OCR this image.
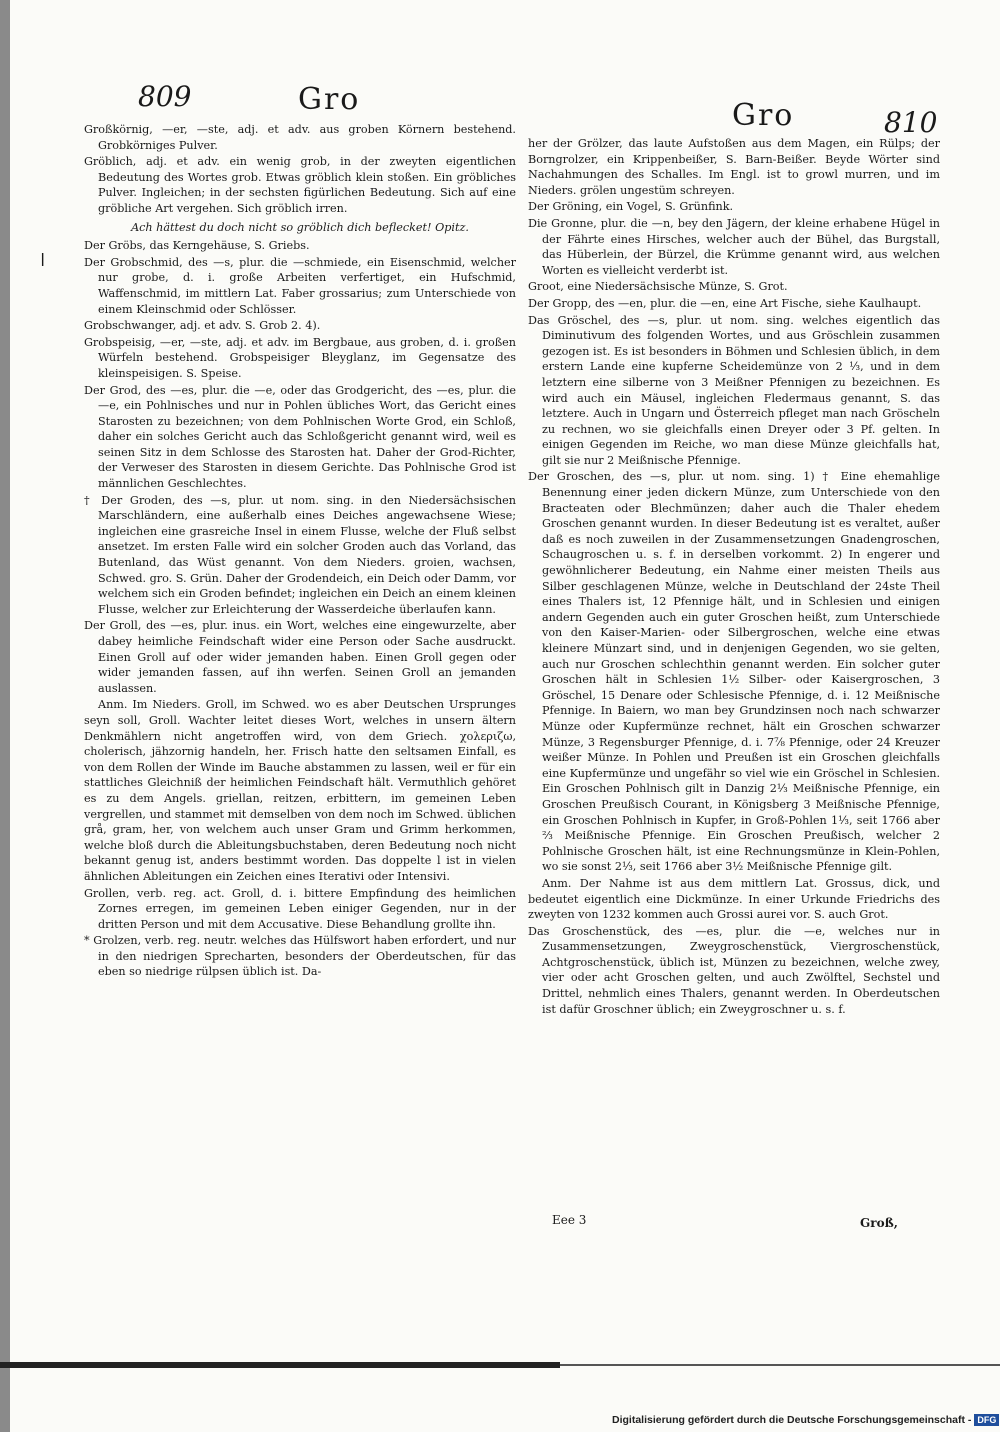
809	Gro	Gro	810
ǀ

Großkörnig, —er, —ste, adj. et adv. aus groben Körnern bestehend. Grobkörniges Pulver.

Gröblich, adj. et adv. ein wenig grob, in der zweyten eigentlichen Bedeutung des Wortes grob. Etwas gröblich klein stoßen. Ein gröbliches Pulver. Ingleichen; in der sechsten figürlichen Bedeutung. Sich auf eine gröbliche Art vergehen. Sich gröblich irren.

Ach hättest du doch nicht so gröblich dich beflecket! Opitz.

Der Gröbs, das Kerngehäuse, S. Griebs.

Der Grobschmid, des —s, plur. die —schmiede, ein Eisenschmid, welcher nur grobe, d. i. große Arbeiten verfertiget, ein Hufschmid, Waffenschmid, im mittlern Lat. Faber grossarius; zum Unterschiede von einem Kleinschmid oder Schlösser.

Grobschwanger, adj. et adv. S. Grob 2. 4).

Grobspeisig, —er, —ste, adj. et adv. im Bergbaue, aus groben, d. i. großen Würfeln bestehend. Grobspeisiger Bleyglanz, im Gegensatze des kleinspeisigen. S. Speise.

Der Grod, des —es, plur. die —e, oder das Grodgericht, des —es, plur. die —e, ein Pohlnisches und nur in Pohlen übliches Wort, das Gericht eines Starosten zu bezeichnen; von dem Pohlnischen Worte Grod, ein Schloß, daher ein solches Gericht auch das Schloßgericht genannt wird, weil es seinen Sitz in dem Schlosse des Starosten hat. Daher der Grod-Richter, der Verweser des Starosten in diesem Gerichte. Das Pohlnische Grod ist männlichen Geschlechtes.

† Der Groden, des —s, plur. ut nom. sing. in den Niedersächsischen Marschländern, eine außerhalb eines Deiches angewachsene Wiese; ingleichen eine grasreiche Insel in einem Flusse, welche der Fluß selbst ansetzet. Im ersten Falle wird ein solcher Groden auch das Vorland, das Butenland, das Wüst genannt. Von dem Nieders. groien, wachsen, Schwed. gro. S. Grün. Daher der Grodendeich, ein Deich oder Damm, vor welchem sich ein Groden befindet; ingleichen ein Deich an einem kleinen Flusse, welcher zur Erleichterung der Wasserdeiche überlaufen kann.

Der Groll, des —es, plur. inus. ein Wort, welches eine eingewurzelte, aber dabey heimliche Feindschaft wider eine Person oder Sache ausdruckt. Einen Groll auf oder wider jemanden haben. Einen Groll gegen oder wider jemanden fassen, auf ihn werfen. Seinen Groll an jemanden auslassen.

Anm. Im Nieders. Groll, im Schwed. wo es aber Deutschen Ursprunges seyn soll, Groll. Wachter leitet dieses Wort, welches in unsern ältern Denkmählern nicht angetroffen wird, von dem Griech. χολεριζω, cholerisch, jähzornig handeln, her. Frisch hatte den seltsamen Einfall, es von dem Rollen der Winde im Bauche abstammen zu lassen, weil er für ein stattliches Gleichniß der heimlichen Feindschaft hält. Vermuthlich gehöret es zu dem Angels. griellan, reitzen, erbittern, im gemeinen Leben vergrellen, und stammet mit demselben von dem noch im Schwed. üblichen grå, gram, her, von welchem auch unser Gram und Grimm herkommen, welche bloß durch die Ableitungsbuchstaben, deren Bedeutung noch nicht bekannt genug ist, anders bestimmt worden. Das doppelte l ist in vielen ähnlichen Ableitungen ein Zeichen eines Iterativi oder Intensivi.

Grollen, verb. reg. act. Groll, d. i. bittere Empfindung des heimlichen Zornes erregen, im gemeinen Leben einiger Gegenden, nur in der dritten Person und mit dem Accusative. Diese Behandlung grollte ihn.

* Grolzen, verb. reg. neutr. welches das Hülfswort haben erfordert, und nur in den niedrigen Sprecharten, besonders der Oberdeutschen, für das eben so niedrige rülpsen üblich ist. Da-

her der Grölzer, das laute Aufstoßen aus dem Magen, ein Rülps; der Borngrolzer, ein Krippenbeißer, S. Barn-Beißer. Beyde Wörter sind Nachahmungen des Schalles. Im Engl. ist to growl murren, und im Nieders. grölen ungestüm schreyen.

Der Gröning, ein Vogel, S. Grünfink.

Die Gronne, plur. die —n, bey den Jägern, der kleine erhabene Hügel in der Fährte eines Hirsches, welcher auch der Bühel, das Burgstall, das Hüberlein, der Bürzel, die Krümme genannt wird, aus welchen Worten es vielleicht verderbt ist.

Groot, eine Niedersächsische Münze, S. Grot.

Der Gropp, des —en, plur. die —en, eine Art Fische, siehe Kaulhaupt.

Das Gröschel, des —s, plur. ut nom. sing. welches eigentlich das Diminutivum des folgenden Wortes, und aus Gröschlein zusammen gezogen ist. Es ist besonders in Böhmen und Schlesien üblich, in dem erstern Lande eine kupferne Scheidemünze von 2 ⅓, und in dem letztern eine silberne von 3 Meißner Pfennigen zu bezeichnen. Es wird auch ein Mäusel, ingleichen Fledermaus genannt, S. das letztere. Auch in Ungarn und Österreich pfleget man nach Gröscheln zu rechnen, wo sie gleichfalls einen Dreyer oder 3 Pf. gelten. In einigen Gegenden im Reiche, wo man diese Münze gleichfalls hat, gilt sie nur 2 Meißnische Pfennige.

Der Groschen, des —s, plur. ut nom. sing. 1) † Eine ehemahlige Benennung einer jeden dickern Münze, zum Unterschiede von den Bracteaten oder Blechmünzen; daher auch die Thaler ehedem Groschen genannt wurden. In dieser Bedeutung ist es veraltet, außer daß es noch zuweilen in der Zusammensetzungen Gnadengroschen, Schaugroschen u. s. f. in derselben vorkommt. 2) In engerer und gewöhnlicherer Bedeutung, ein Nahme einer meisten Theils aus Silber geschlagenen Münze, welche in Deutschland der 24ste Theil eines Thalers ist, 12 Pfennige hält, und in Schlesien und einigen andern Gegenden auch ein guter Groschen heißt, zum Unterschiede von den Kaiser-Marien- oder Silbergroschen, welche eine etwas kleinere Münzart sind, und in denjenigen Gegenden, wo sie gelten, auch nur Groschen schlechthin genannt werden. Ein solcher guter Groschen hält in Schlesien 1½ Silber- oder Kaisergroschen, 3 Gröschel, 15 Denare oder Schlesische Pfennige, d. i. 12 Meißnische Pfennige. In Baiern, wo man bey Grundzinsen noch nach schwarzer Münze oder Kupfermünze rechnet, hält ein Groschen schwarzer Münze, 3 Regensburger Pfennige, d. i. 7⅞ Pfennige, oder 24 Kreuzer weißer Münze. In Pohlen und Preußen ist ein Groschen gleichfalls eine Kupfermünze und ungefähr so viel wie ein Gröschel in Schlesien. Ein Groschen Pohlnisch gilt in Danzig 2⅓ Meißnische Pfennige, ein Groschen Preußisch Courant, in Königsberg 3 Meißnische Pfennige, ein Groschen Pohlnisch in Kupfer, in Groß-Pohlen 1⅓, seit 1766 aber ⅔ Meißnische Pfennige. Ein Groschen Preußisch, welcher 2 Pohlnische Groschen hält, ist eine Rechnungsmünze in Klein-Pohlen, wo sie sonst 2⅓, seit 1766 aber 3½ Meißnische Pfennige gilt.

Anm. Der Nahme ist aus dem mittlern Lat. Grossus, dick, und bedeutet eigentlich eine Dickmünze. In einer Urkunde Friedrichs des zweyten von 1232 kommen auch Grossi aurei vor. S. auch Grot.

Das Groschenstück, des —es, plur. die —e, welches nur in Zusammensetzungen, Zweygroschenstück, Viergroschenstück, Achtgroschenstück, üblich ist, Münzen zu bezeichnen, welche zwey, vier oder acht Groschen gelten, und auch Zwölftel, Sechstel und Drittel, nehmlich eines Thalers, genannt werden. In Oberdeutschen ist dafür Groschner üblich; ein Zweygroschner u. s. f.

Eee 3	Groß,
Digitalisierung gefördert durch die Deutsche Forschungsgemeinschaft - DFG
